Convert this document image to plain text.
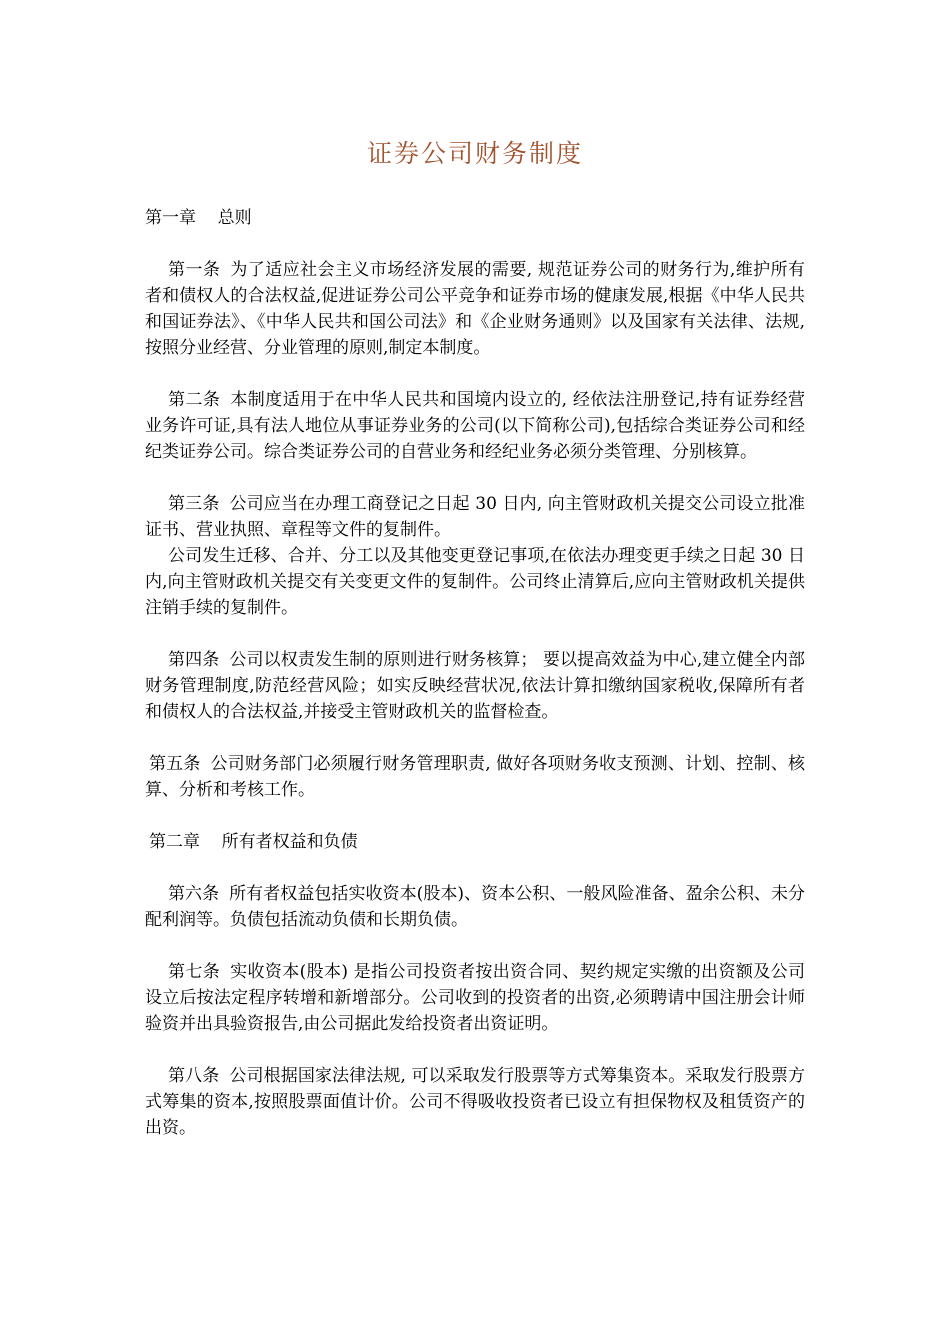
证券公司财务制度
第一章 总则

第一条 为了适应社会主义市场经济发展的需要, 规范证券公司的财务行为,维护所有者和债权人的合法权益,促进证券公司公平竞争和证券市场的健康发展,根据《中华人民共和国证券法》、《中华人民共和国公司法》和《企业财务通则》以及国家有关法律、法规,按照分业经营、分业管理的原则,制定本制度。

第二条 本制度适用于在中华人民共和国境内设立的, 经依法注册登记,持有证券经营业务许可证,具有法人地位从事证券业务的公司(以下简称公司),包括综合类证券公司和经纪类证券公司。综合类证券公司的自营业务和经纪业务必须分类管理、分别核算。

第三条 公司应当在办理工商登记之日起 30 日内, 向主管财政机关提交公司设立批准证书、营业执照、章程等文件的复制件。

公司发生迁移、合并、分工以及其他变更登记事项,在依法办理变更手续之日起 30 日内,向主管财政机关提交有关变更文件的复制件。公司终止清算后,应向主管财政机关提供注销手续的复制件。

第四条 公司以权责发生制的原则进行财务核算； 要以提高效益为中心,建立健全内部财务管理制度,防范经营风险；如实反映经营状况,依法计算扣缴纳国家税收,保障所有者和债权人的合法权益,并接受主管财政机关的监督检查。

第五条 公司财务部门必须履行财务管理职责, 做好各项财务收支预测、计划、控制、核算、分析和考核工作。

第二章 所有者权益和负债

第六条 所有者权益包括实收资本(股本)、资本公积、一般风险准备、盈余公积、未分配利润等。负债包括流动负债和长期负债。

第七条 实收资本(股本) 是指公司投资者按出资合同、契约规定实缴的出资额及公司设立后按法定程序转增和新增部分。公司收到的投资者的出资,必须聘请中国注册会计师验资并出具验资报告,由公司据此发给投资者出资证明。

第八条 公司根据国家法律法规, 可以采取发行股票等方式筹集资本。采取发行股票方式筹集的资本,按照股票面值计价。公司不得吸收投资者已设立有担保物权及租赁资产的出资。
